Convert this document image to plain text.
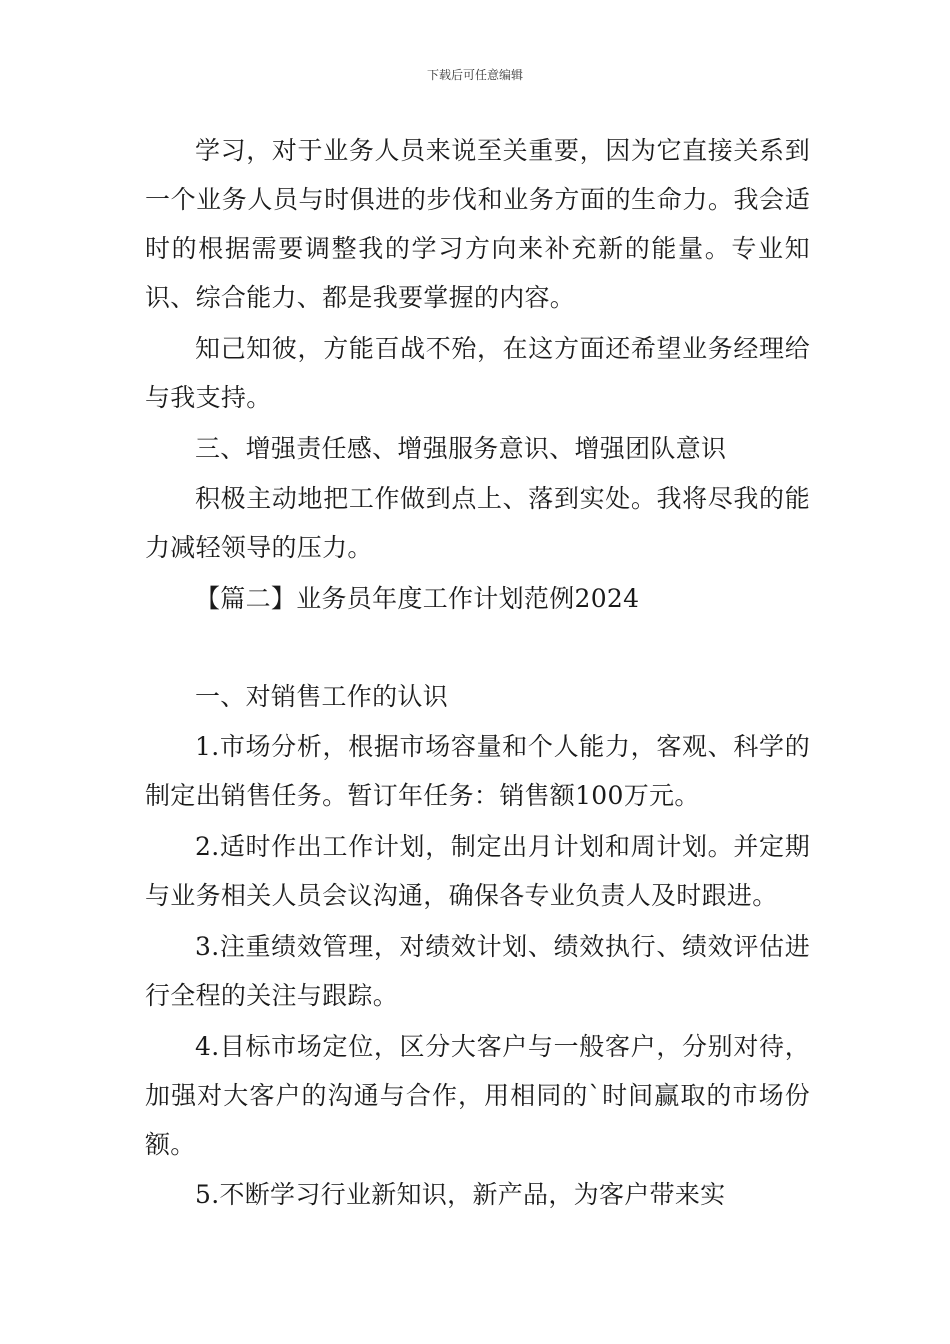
下载后可任意编辑

学习，对于业务人员来说至关重要，因为它直接关系到一个业务人员与时俱进的步伐和业务方面的生命力。我会适时的根据需要调整我的学习方向来补充新的能量。专业知识、综合能力、都是我要掌握的内容。

知己知彼，方能百战不殆，在这方面还希望业务经理给与我支持。

三、增强责任感、增强服务意识、增强团队意识

积极主动地把工作做到点上、落到实处。我将尽我的能力减轻领导的压力。

【篇二】业务员年度工作计划范例2024

一、对销售工作的认识

1.市场分析，根据市场容量和个人能力，客观、科学的制定出销售任务。暂订年任务：销售额100万元。

2.适时作出工作计划，制定出月计划和周计划。并定期与业务相关人员会议沟通，确保各专业负责人及时跟进。

3.注重绩效管理，对绩效计划、绩效执行、绩效评估进行全程的关注与跟踪。

4.目标市场定位，区分大客户与一般客户，分别对待，加强对大客户的沟通与合作，用相同的`时间赢取的市场份额。

5.不断学习行业新知识，新产品，为客户带来实
